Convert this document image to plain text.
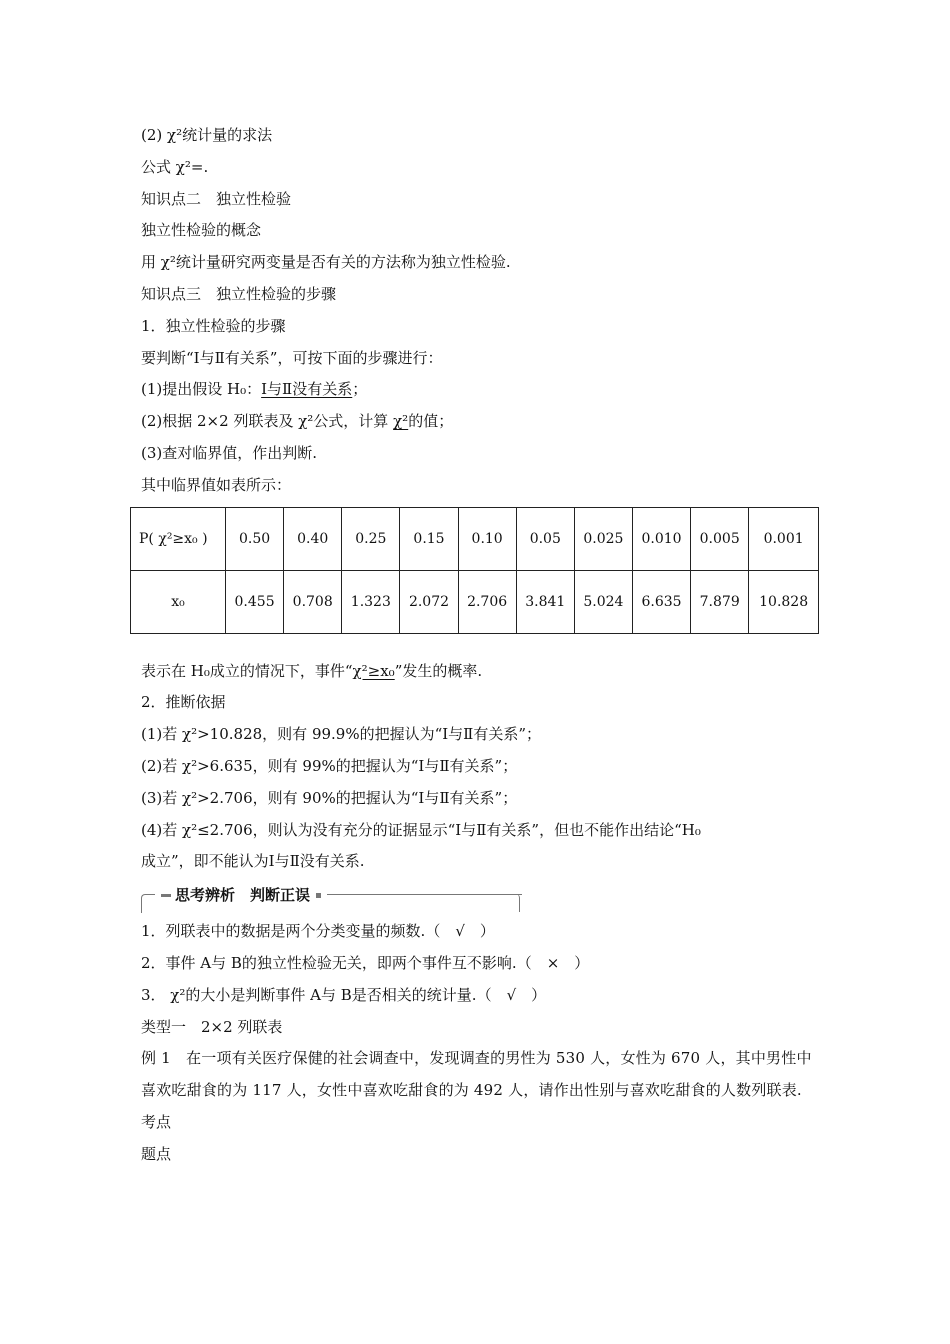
(2) χ²统计量的求法
公式 χ²=.
知识点二　独立性检验
独立性检验的概念
用 χ²统计量研究两变量是否有关的方法称为独立性检验.
知识点三　独立性检验的步骤
1．独立性检验的步骤
要判断“Ⅰ与Ⅱ有关系”，可按下面的步骤进行：
(1)提出假设 H₀：Ⅰ与Ⅱ没有关系；
(2)根据 2×2 列联表及 χ²公式，计算 χ²的值；
(3)查对临界值，作出判断.
其中临界值如表所示：
P( χ²≥x₀ )	0.50	0.40	0.25	0.15	0.10	0.05	0.025	0.010	0.005	0.001
x₀	0.455	0.708	1.323	2.072	2.706	3.841	5.024	6.635	7.879	10.828
表示在 H₀成立的情况下，事件“χ²≥x₀”发生的概率.
2．推断依据
(1)若 χ²>10.828，则有 99.9%的把握认为“Ⅰ与Ⅱ有关系”；
(2)若 χ²>6.635，则有 99%的把握认为“Ⅰ与Ⅱ有关系”；
(3)若 χ²>2.706，则有 90%的把握认为“Ⅰ与Ⅱ有关系”；
(4)若 χ²≤2.706，则认为没有充分的证据显示“Ⅰ与Ⅱ有关系”，但也不能作出结论“H₀
成立”，即不能认为Ⅰ与Ⅱ没有关系.
思考辨析　判断正误
1．列联表中的数据是两个分类变量的频数.（　√　）
2．事件 A与 B的独立性检验无关，即两个事件互不影响.（　×　）
3． χ²的大小是判断事件 A与 B是否相关的统计量.（　√　）
类型一　2×2 列联表
例 1　在一项有关医疗保健的社会调查中，发现调查的男性为 530 人，女性为 670 人，其中男性中喜欢吃甜食的为 117 人，女性中喜欢吃甜食的为 492 人，请作出性别与喜欢吃甜食的人数列联表.
考点
题点
